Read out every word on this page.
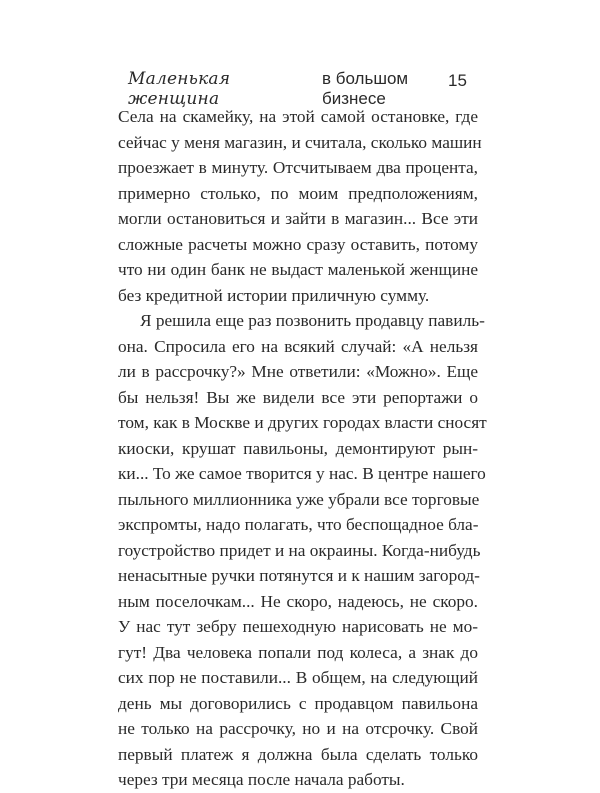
Маленькая женщина
в большом бизнесе
15
Села на скамейку, на этой самой остановке, где
сейчас у меня магазин, и считала, сколько машин
проезжает в минуту. Отсчитываем два процента,
примерно столько, по моим предположениям,
могли остановиться и зайти в магазин... Все эти
сложные расчеты можно сразу оставить, потому
что ни один банк не выдаст маленькой женщине
без кредитной истории приличную сумму.
Я решила еще раз позвонить продавцу павиль-
она. Спросила его на всякий случай: «А нельзя
ли в рассрочку?» Мне ответили: «Можно». Еще
бы нельзя! Вы же видели все эти репортажи о
том, как в Москве и других городах власти сносят
киоски, крушат павильоны, демонтируют рын-
ки... То же самое творится у нас. В центре нашего
пыльного миллионника уже убрали все торговые
экспромты, надо полагать, что беспощадное бла-
гоустройство придет и на окраины. Когда-нибудь
ненасытные ручки потянутся и к нашим загород-
ным поселочкам... Не скоро, надеюсь, не скоро.
У нас тут зебру пешеходную нарисовать не мо-
гут! Два человека попали под колеса, а знак до
сих пор не поставили... В общем, на следующий
день мы договорились с продавцом павильона
не только на рассрочку, но и на отсрочку. Свой
первый платеж я должна была сделать только
через три месяца после начала работы.
